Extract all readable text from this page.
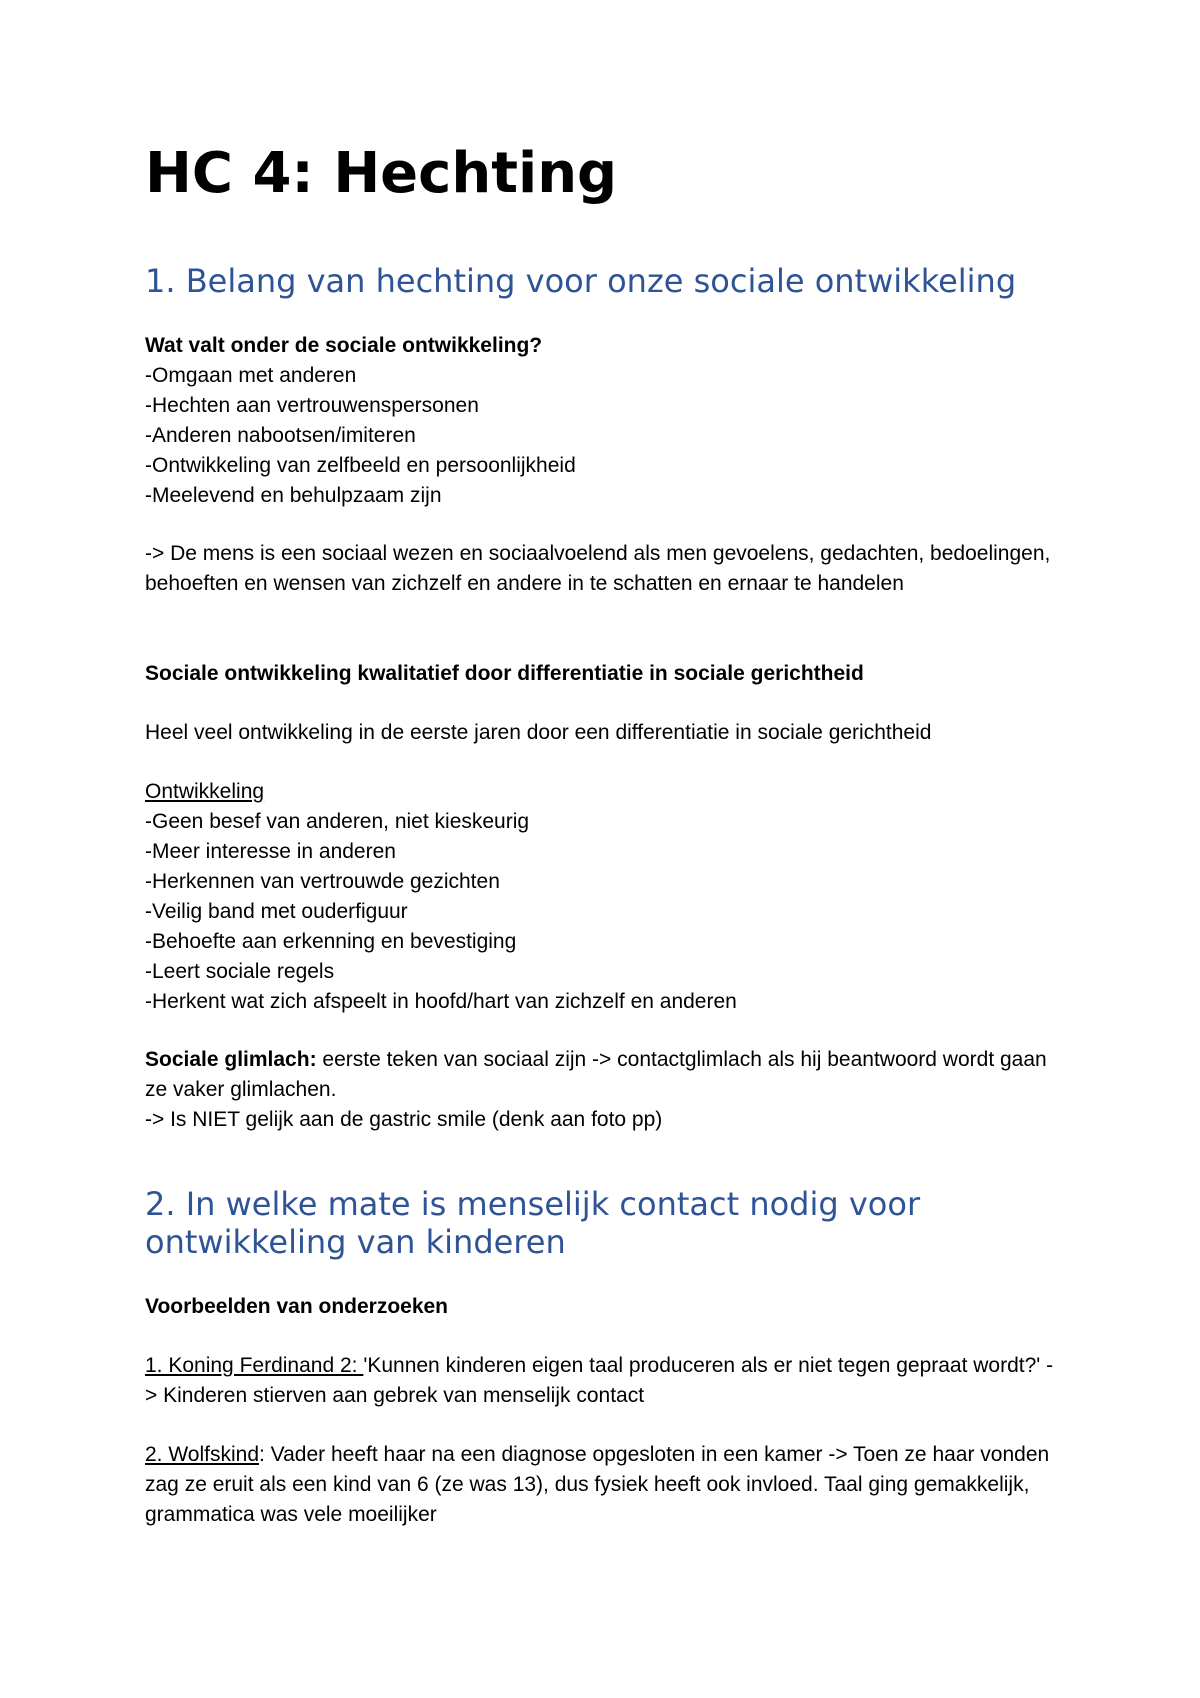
HC 4: Hechting
1. Belang van hechting voor onze sociale ontwikkeling
Wat valt onder de sociale ontwikkeling?
-Omgaan met anderen
-Hechten aan vertrouwenspersonen
-Anderen nabootsen/imiteren
-Ontwikkeling van zelfbeeld en persoonlijkheid
-Meelevend en behulpzaam zijn

-> De mens is een sociaal wezen en sociaalvoelend als men gevoelens, gedachten, bedoelingen, behoeften en wensen van zichzelf en andere in te schatten en ernaar te handelen

Sociale ontwikkeling kwalitatief door differentiatie in sociale gerichtheid

Heel veel ontwikkeling in de eerste jaren door een differentiatie in sociale gerichtheid

Ontwikkeling
-Geen besef van anderen, niet kieskeurig
-Meer interesse in anderen
-Herkennen van vertrouwde gezichten
-Veilig band met ouderfiguur
-Behoefte aan erkenning en bevestiging
-Leert sociale regels
-Herkent wat zich afspeelt in hoofd/hart van zichzelf en anderen
Sociale glimlach: eerste teken van sociaal zijn -> contactglimlach als hij beantwoord wordt gaan ze vaker glimlachen.
-> Is NIET gelijk aan de gastric smile (denk aan foto pp)
2. In welke mate is menselijk contact nodig voor ontwikkeling van kinderen

Voorbeelden van onderzoeken

1. Koning Ferdinand 2: 'Kunnen kinderen eigen taal produceren als er niet tegen gepraat wordt?' -> Kinderen stierven aan gebrek van menselijk contact

2. Wolfskind: Vader heeft haar na een diagnose opgesloten in een kamer -> Toen ze haar vonden zag ze eruit als een kind van 6 (ze was 13), dus fysiek heeft ook invloed. Taal ging gemakkelijk, grammatica was vele moeilijker
